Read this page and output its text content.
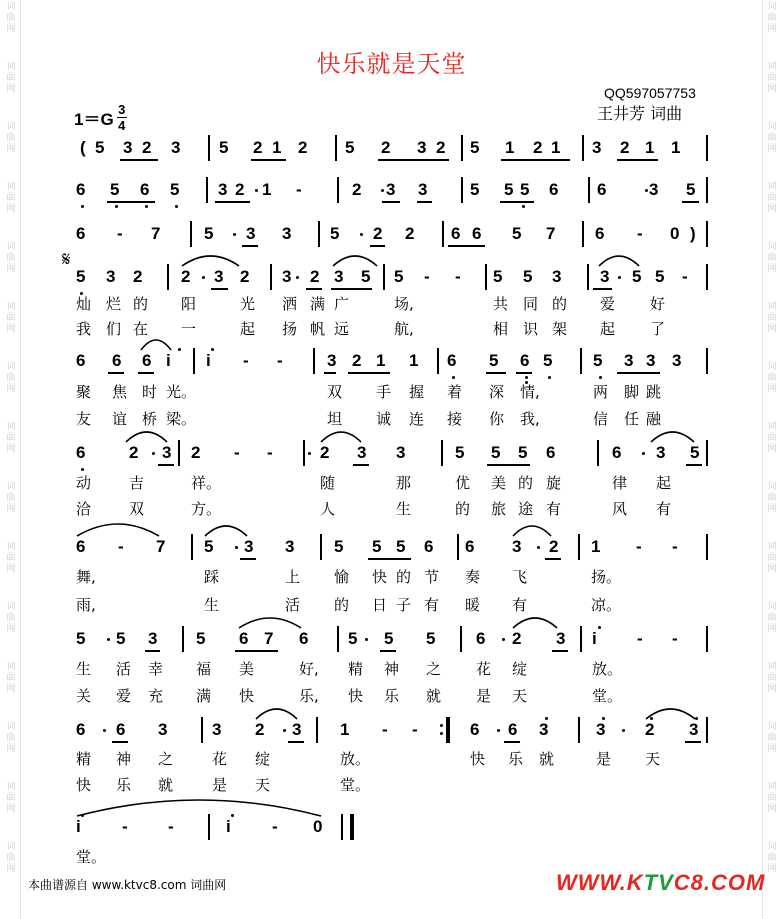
词
曲
网
词
曲
网
词
曲
网
词
曲
网
词
曲
网
词
曲
网
词
曲
网
词
曲
网
词
曲
网
词
曲
网
词
曲
网
词
曲
网
词
曲
网
词
曲
网
词
曲
网
词
曲
网
词
曲
网
词
曲
网
词
曲
网
词
曲
网
词
曲
网
词
曲
网
词
曲
网
词
曲
网
词
曲
网
词
曲
网
词
曲
网
词
曲
网
词
曲
网
词
曲
网
快乐就是天堂
QQ597057753
王井芳 词曲
$1=G \frac{3}{4}$
( 5 3 2 3 5 2 1 2 5 2 3 2 5 1 2 1 3 2 1 1
6 5 6 5 3 2 1 -	2 3 3	5 5 5 6 6	3 5
6 - 7	5 3 3 5 2 2 6 6 5 7 6 - 0 )
5 3 2 2 3 2 3 2 3 5 5 - - 5 5 3 3 5 5 -
6 6 6 i i - -	3 2 1 1 6 5 6 5 5 3 3 3
6	2 3 2 - -	2 3 3	5 5 5 6	6 3 5
6 - 7 5 3 3 5 5 5 6 6 3 2 1 - -
5 5 3 5 6 7 6 5 5 5 6 2 3 i - -
6 6 3	3 2 3 1 - -	6 6 3	3 2 3
i - -	i - 0
𝄋
灿 烂 的 阳	光 洒 满 广	场,	共 同 的 爱 好
我 们 在 一	起 扬 帆 远	航,	相 识 架 起 了
聚 焦 时 光。	双 手 握 着 深 情,	两 脚 跳
友 谊 桥 梁。	坦 诚 连 接 你 我,	信 任 融
动	吉	祥。	随	那	优 美 的 旋	律 起
洽	双	方。	人	生	的 旅 途 有	风 有
舞,	踩	上 愉 快 的 节 奏 飞	扬。
雨,	生	活 的 日 子 有 暖 有	凉。
生 活 幸 福 美	好, 精 神 之 花 绽	放。
关 爱 充 满 快	乐, 快 乐 就 是 天	堂。
精 神 之	花 绽	放。	快 乐 就	是 天
快 乐 就	是 天	堂。
堂。
本曲谱源自 www.ktvc8.com 词曲网	WWW.KTVC8.COM
